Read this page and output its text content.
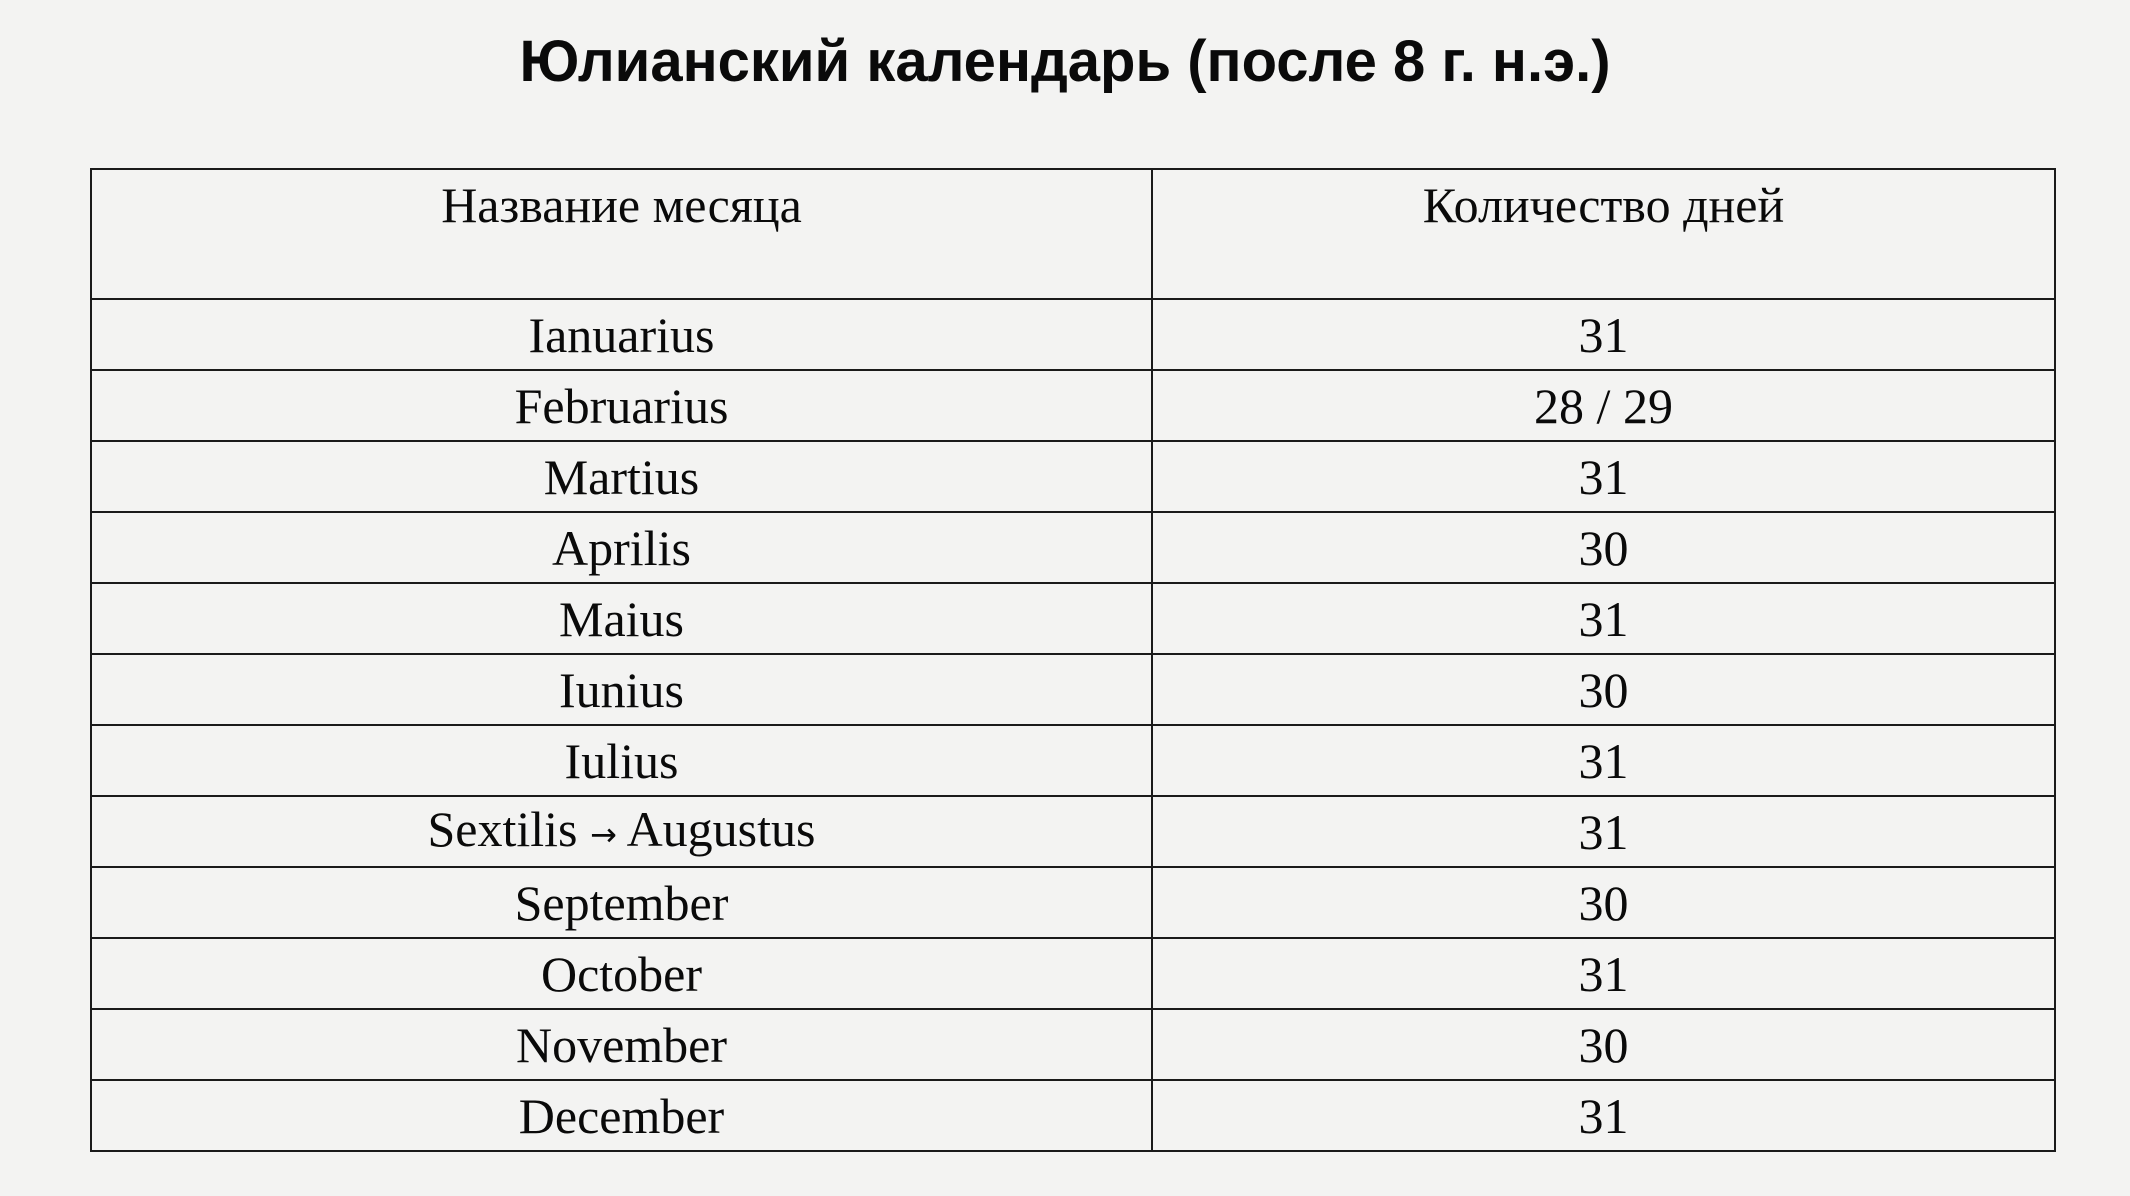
Юлианский календарь (после 8 г. н.э.)
Название месяца	Количество дней
Ianuarius	31
Februarius	28 / 29
Martius	31
Aprilis	30
Maius	31
Iunius	30
Iulius	31
Sextilis → Augustus	31
September	30
October	31
November	30
December	31
